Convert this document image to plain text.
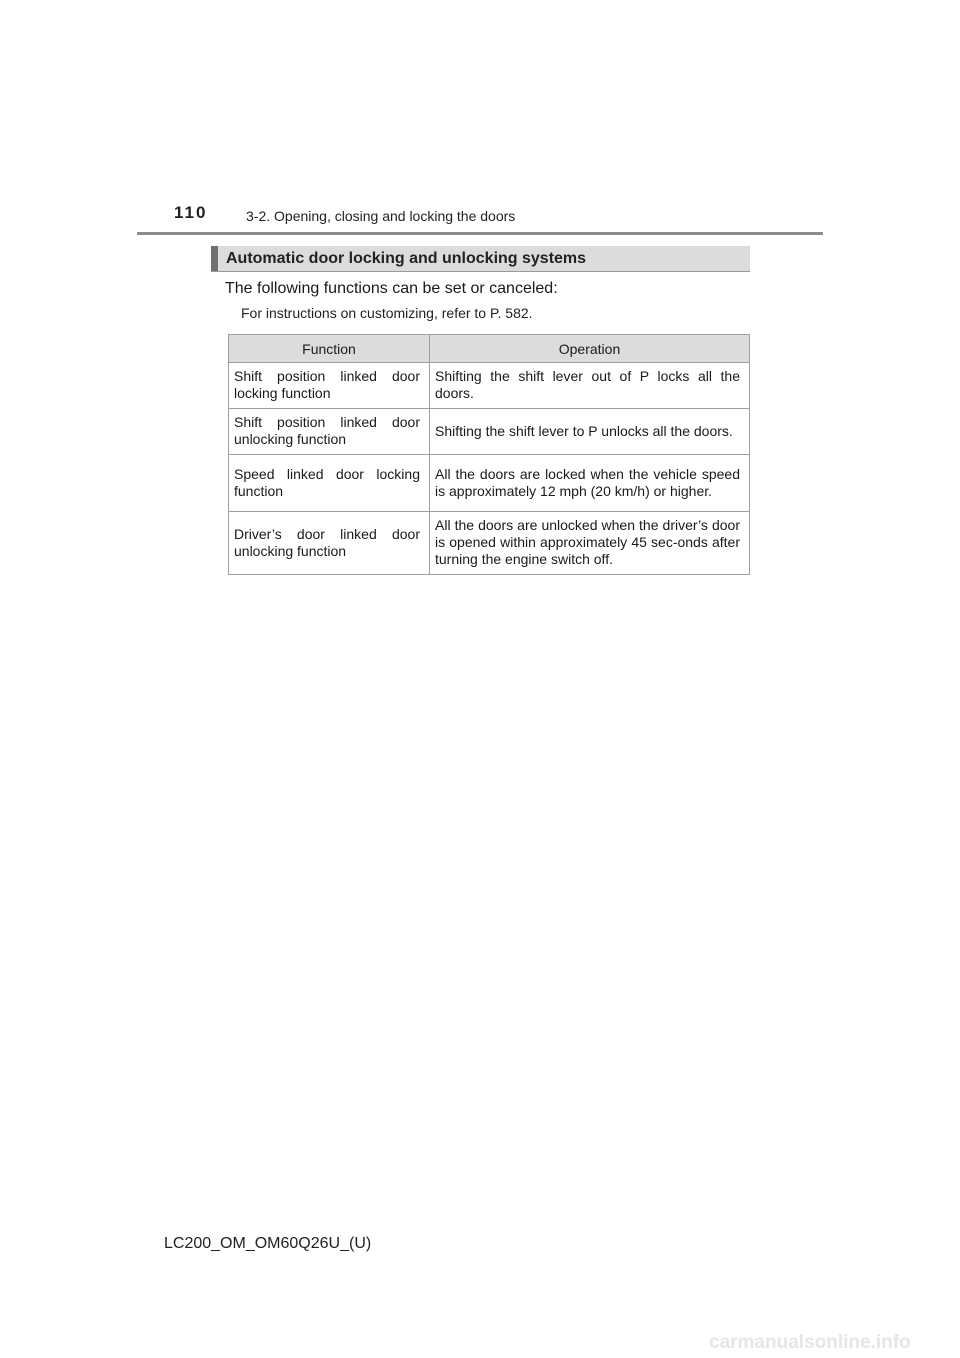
110	3-2. Opening, closing and locking the doors
Automatic door locking and unlocking systems
The following functions can be set or canceled:
For instructions on customizing, refer to P. 582.
Function	Operation
Shift position linked door locking function	Shifting the shift lever out of P locks all the doors.
Shift position linked door unlocking function	Shifting the shift lever to P unlocks all the doors.
Speed linked door locking function	All the doors are locked when the vehicle speed is approximately 12 mph (20 km/h) or higher.
Driver’s door linked door unlocking function	All the doors are unlocked when the driver’s door is opened within approximately 45 sec-onds after turning the engine switch off.
LC200_OM_OM60Q26U_(U)
carmanualsonline.info
